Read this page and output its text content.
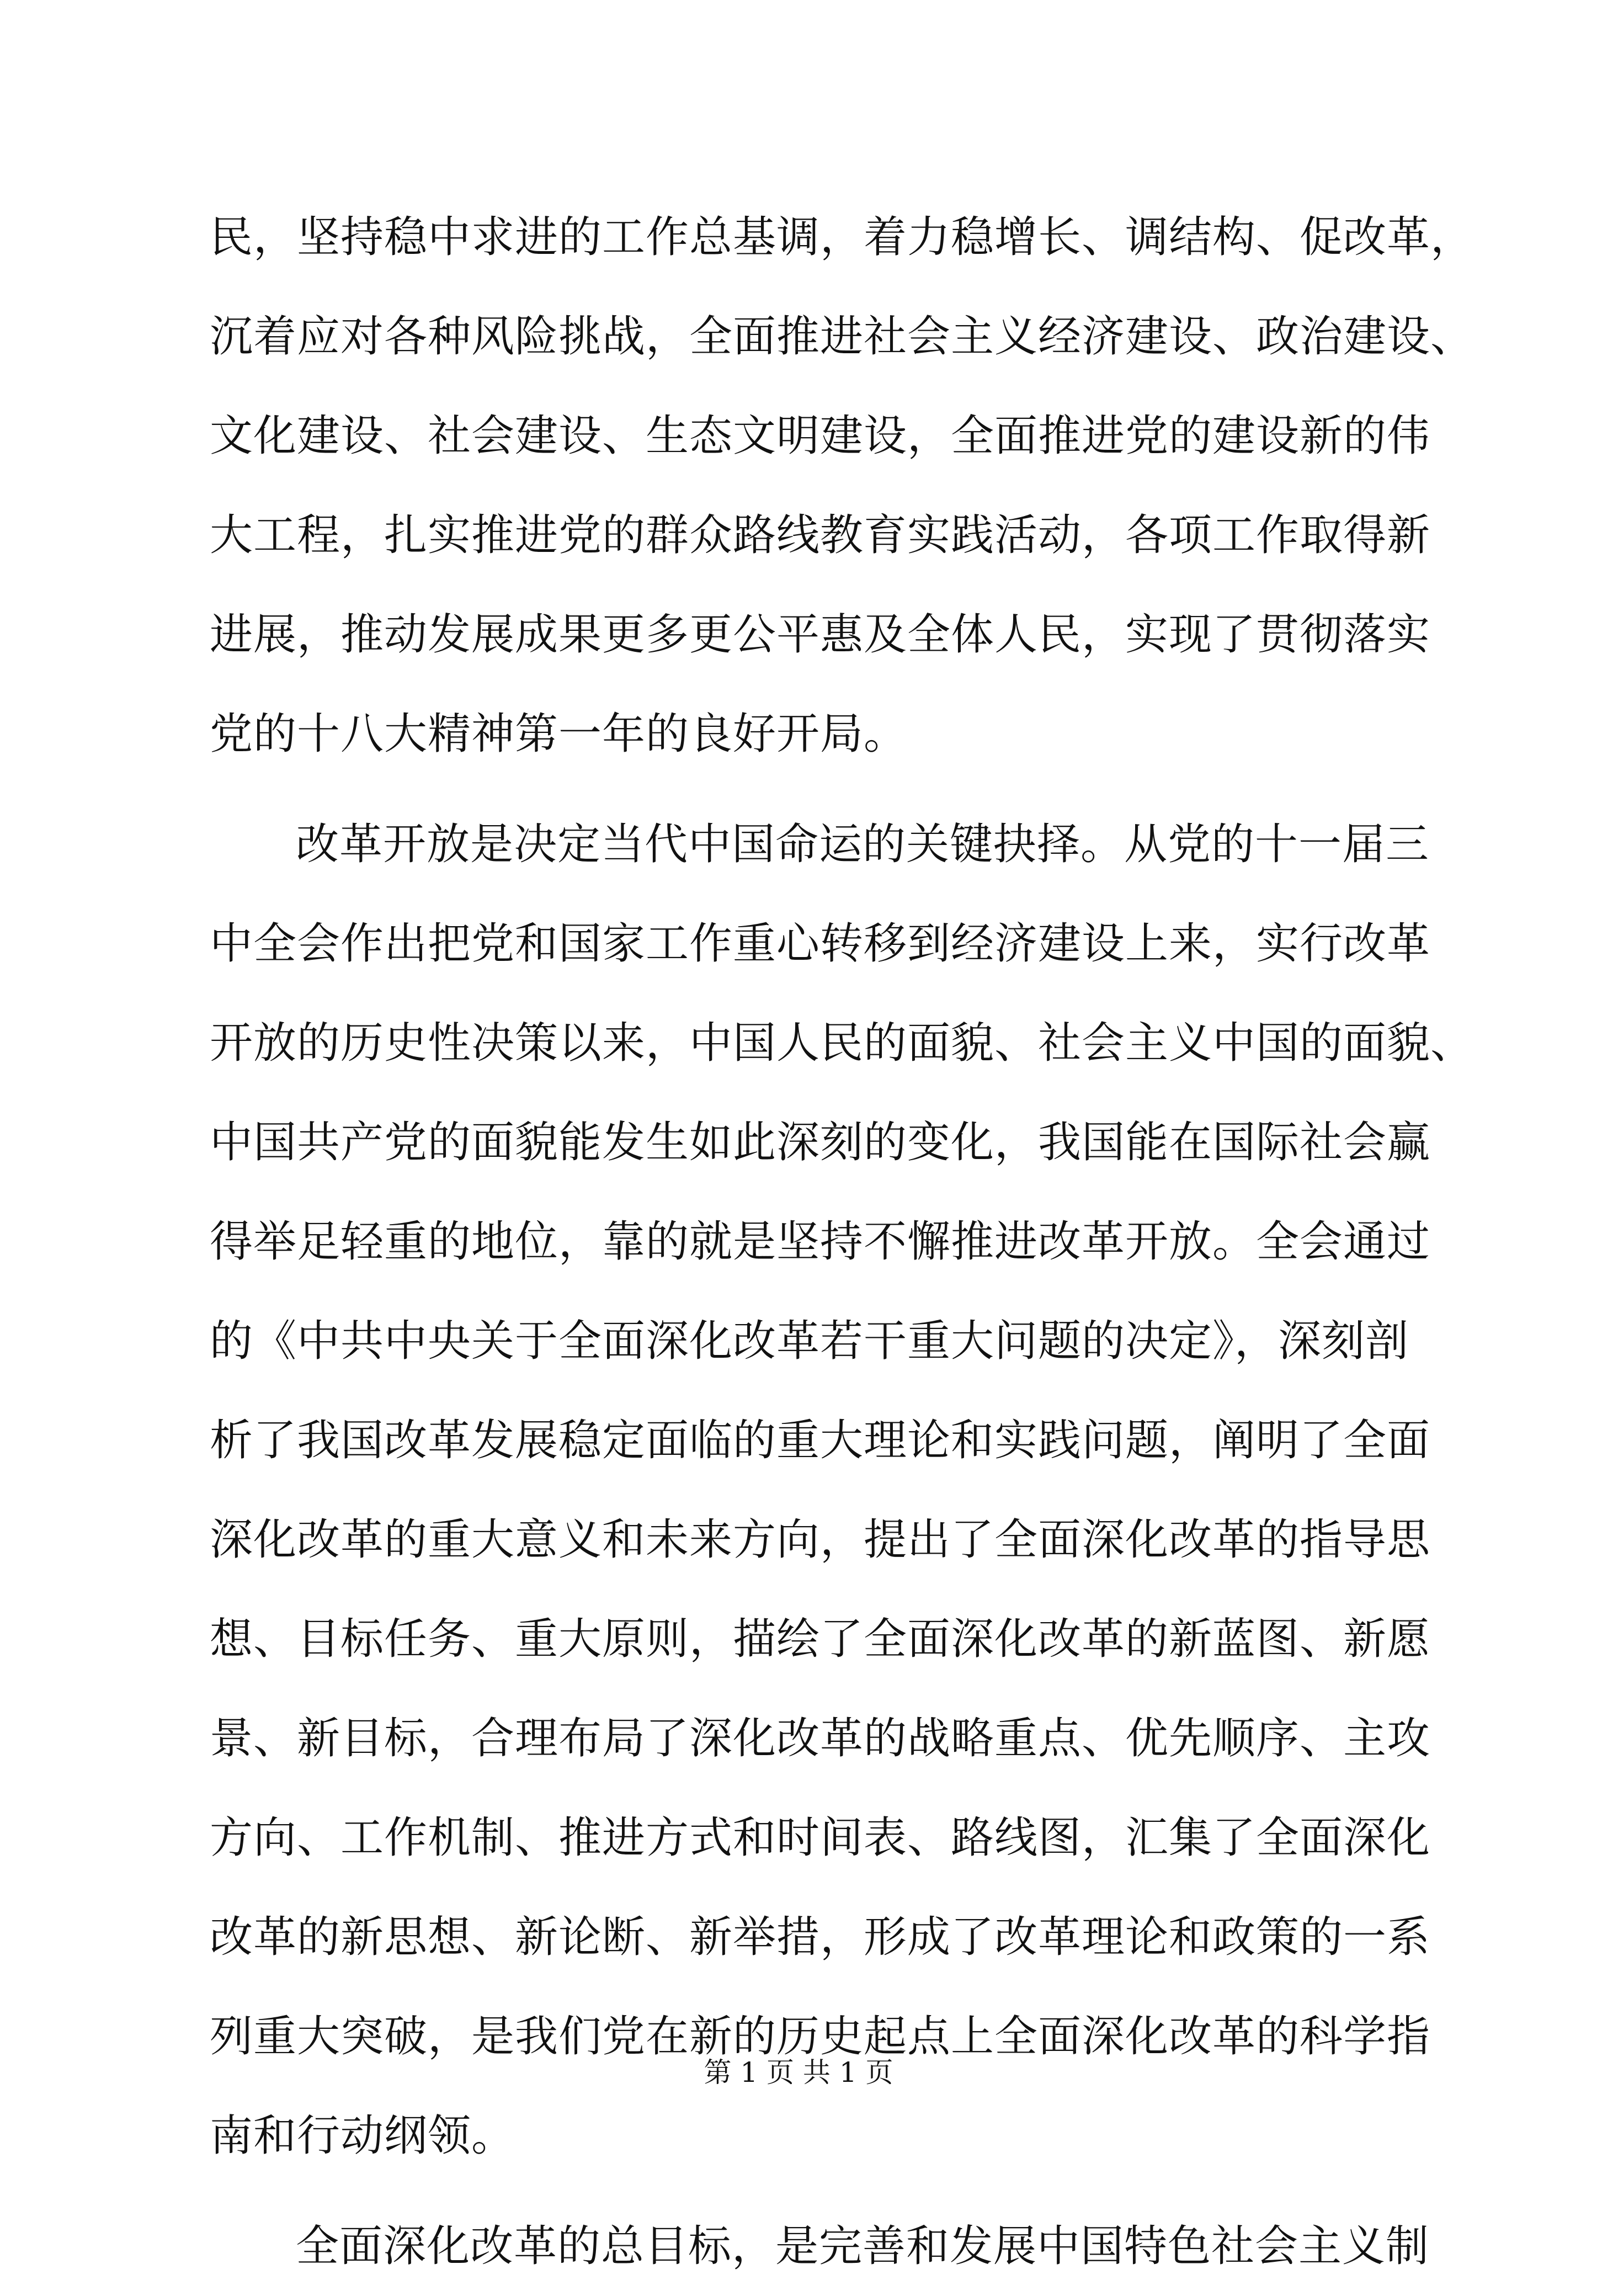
民，坚持稳中求进的工作总基调，着力稳增长、调结构、促改革，
沉着应对各种风险挑战，全面推进社会主义经济建设、政治建设、
文化建设、社会建设、生态文明建设，全面推进党的建设新的伟
大工程，扎实推进党的群众路线教育实践活动，各项工作取得新
进展，推动发展成果更多更公平惠及全体人民，实现了贯彻落实
党的十八大精神第一年的良好开局。
改革开放是决定当代中国命运的关键抉择。从党的十一届三
中全会作出把党和国家工作重心转移到经济建设上来，实行改革
开放的历史性决策以来，中国人民的面貌、社会主义中国的面貌、
中国共产党的面貌能发生如此深刻的变化，我国能在国际社会赢
得举足轻重的地位，靠的就是坚持不懈推进改革开放。全会通过
的《中共中央关于全面深化改革若干重大问题的决定》，深刻剖
析了我国改革发展稳定面临的重大理论和实践问题，阐明了全面
深化改革的重大意义和未来方向，提出了全面深化改革的指导思
想、目标任务、重大原则，描绘了全面深化改革的新蓝图、新愿
景、新目标，合理布局了深化改革的战略重点、优先顺序、主攻
方向、工作机制、推进方式和时间表、路线图，汇集了全面深化
改革的新思想、新论断、新举措，形成了改革理论和政策的一系
列重大突破，是我们党在新的历史起点上全面深化改革的科学指
南和行动纲领。
全面深化改革的总目标，是完善和发展中国特色社会主义制
第 1 页 共 1 页
